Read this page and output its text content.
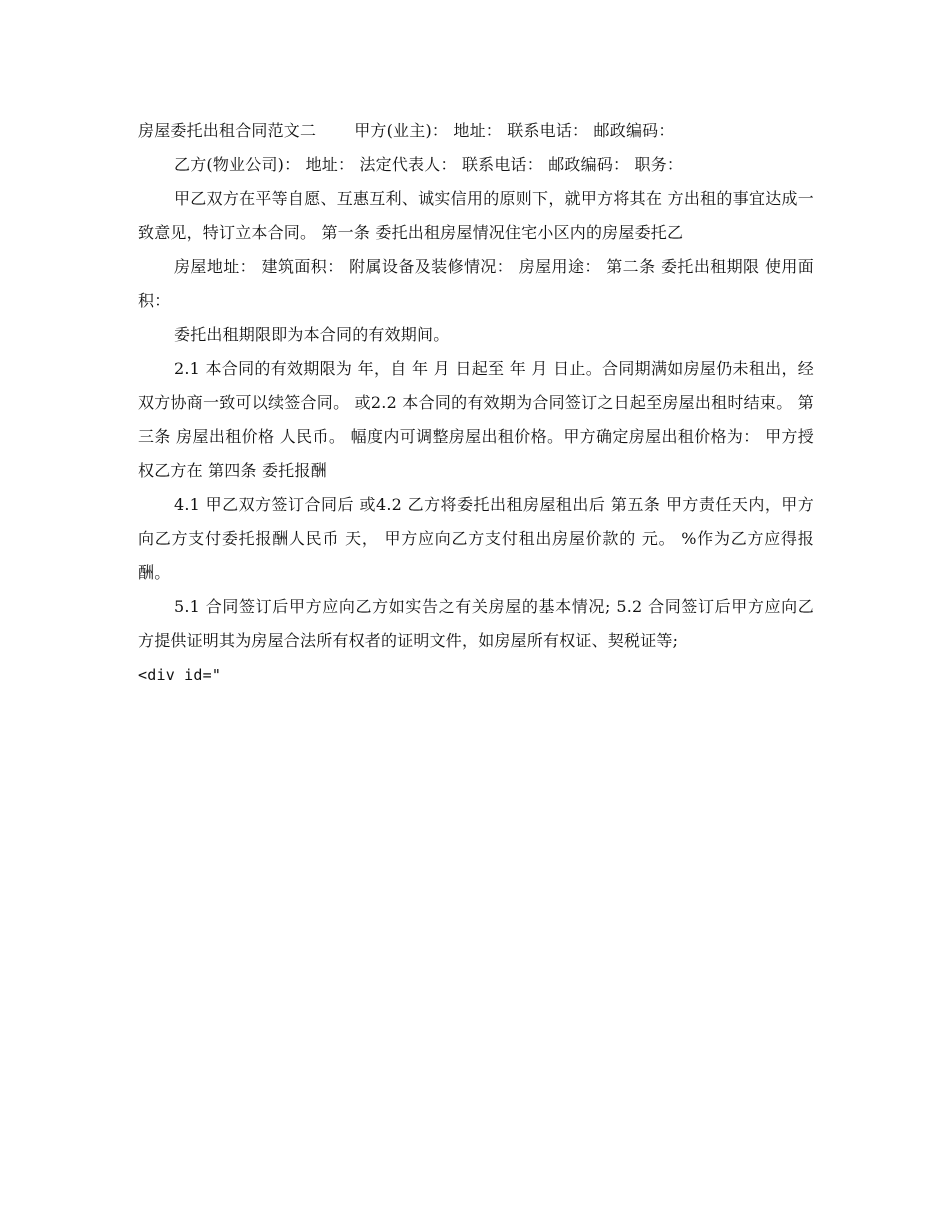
房屋委托出租合同范文二 甲方(业主)： 地址： 联系电话： 邮政编码：

乙方(物业公司)： 地址： 法定代表人： 联系电话： 邮政编码： 职务：

甲乙双方在平等自愿、互惠互利、诚实信用的原则下，就甲方将其在 方出租的事宜达成一致意见，特订立本合同。 第一条 委托出租房屋情况住宅小区内的房屋委托乙

房屋地址： 建筑面积： 附属设备及装修情况： 房屋用途： 第二条 委托出租期限 使用面积：

委托出租期限即为本合同的有效期间。

2.1 本合同的有效期限为 年，自 年 月 日起至 年 月 日止。合同期满如房屋仍未租出，经双方协商一致可以续签合同。 或2.2 本合同的有效期为合同签订之日起至房屋出租时结束。 第三条 房屋出租价格 人民币。 幅度内可调整房屋出租价格。甲方确定房屋出租价格为： 甲方授权乙方在 第四条 委托报酬

4.1 甲乙双方签订合同后 或4.2 乙方将委托出租房屋租出后 第五条 甲方责任天内，甲方向乙方支付委托报酬人民币 天， 甲方应向乙方支付租出房屋价款的 元。 %作为乙方应得报酬。

5.1 合同签订后甲方应向乙方如实告之有关房屋的基本情况; 5.2 合同签订后甲方应向乙方提供证明其为房屋合法所有权者的证明文件，如房屋所有权证、契税证等;

<div id="
